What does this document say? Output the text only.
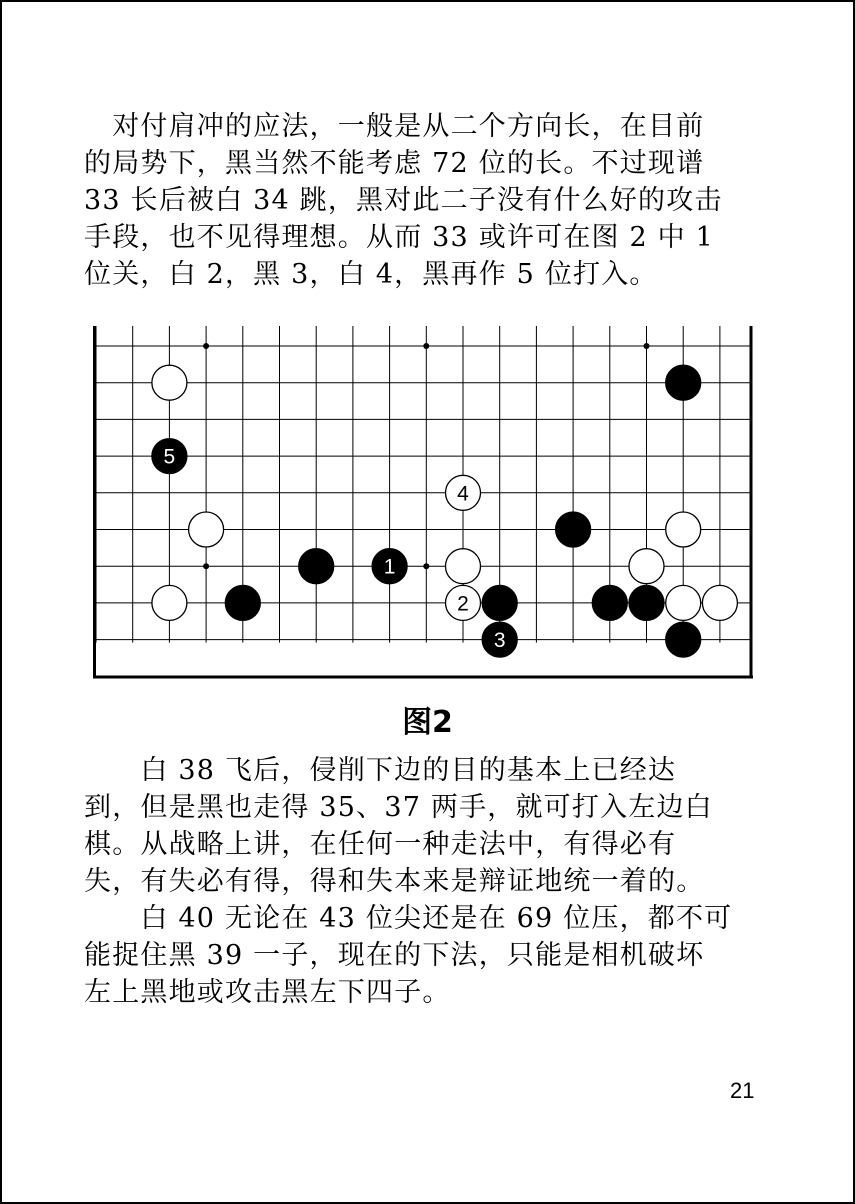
　对付肩冲的应法，一般是从二个方向长，在目前
的局势下，黑当然不能考虑 72 位的长。不过现谱
33 长后被白 34 跳，黑对此二子没有什么好的攻击
手段，也不见得理想。从而 33 或许可在图 2 中 1
位关，白 2，黑 3，白 4，黑再作 5 位打入。
5
4
1
2
3
图2
　　白 38 飞后，侵削下边的目的基本上已经达
到，但是黑也走得 35、37 两手，就可打入左边白
棋。从战略上讲，在任何一种走法中，有得必有
失，有失必有得，得和失本来是辩证地统一着的。
　　白 40 无论在 43 位尖还是在 69 位压，都不可
能捉住黑 39 一子，现在的下法，只能是相机破坏
左上黑地或攻击黑左下四子。
21
